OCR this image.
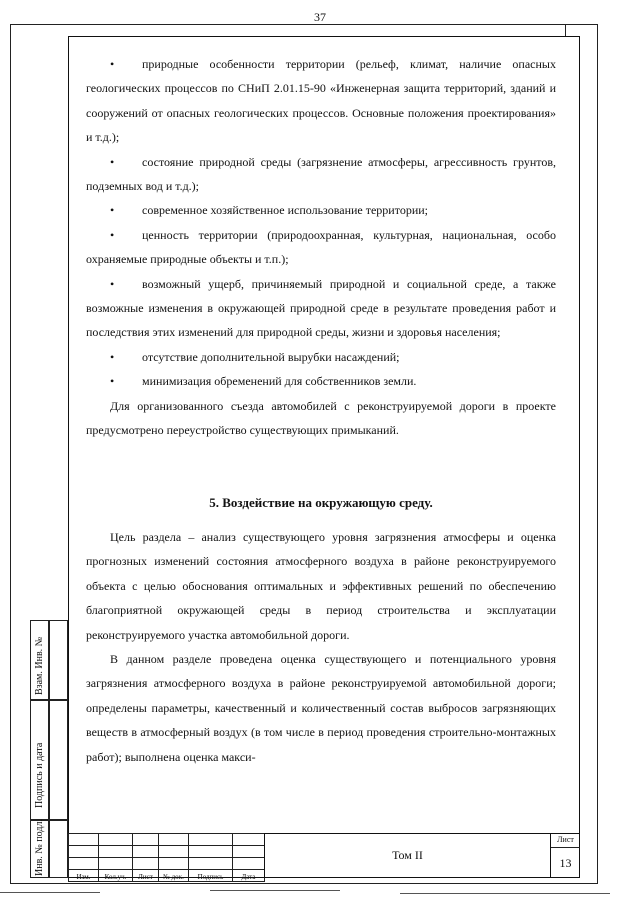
37
Взам. Инв. №
Подпись и дата
Инв. № подл.

• природные особенности территории (рельеф, климат, наличие опасных геологических процессов по СНиП 2.01.15-90 «Инженерная защита территорий, зданий и сооружений от опасных геологических процессов. Основные положения проектирования» и т.д.);

• состояние природной среды (загрязнение атмосферы, агрессивность грунтов, подземных вод и т.д.);

• современное хозяйственное использование территории;

• ценность территории (природоохранная, культурная, национальная, особо охраняемые природные объекты и т.п.);

• возможный ущерб, причиняемый природной и социальной среде, а также возможные изменения в окружающей природной среде в результате проведения работ и последствия этих изменений для природной среды, жизни и здоровья населения;

• отсутствие дополнительной вырубки насаждений;

• минимизация обременений для собственников земли.

Для организованного съезда автомобилей с реконструируемой дороги в проекте предусмотрено переустройство существующих примыканий.

5. Воздействие на окружающую среду.

Цель раздела – анализ существующего уровня загрязнения атмосферы и оценка прогнозных изменений состояния атмосферного воздуха в районе реконструируемого объекта с целью обоснования оптимальных и эффективных решений по обеспечению благоприятной окружающей среды в период строительства и эксплуатации реконструируемого участка автомобильной дороги.

В данном разделе проведена оценка существующего и потенциального уровня загрязнения атмосферного воздуха в районе реконструируемой автомобильной дороги; определены параметры, качественный и количественный состав выбросов загрязняющих веществ в атмосферный воздух (в том числе в период проведения строительно-монтажных работ); выполнена оценка макси-

Изм.	Кол.уч.	Лист	№ док.	Подпись	Дата
Том II
Лист
13
